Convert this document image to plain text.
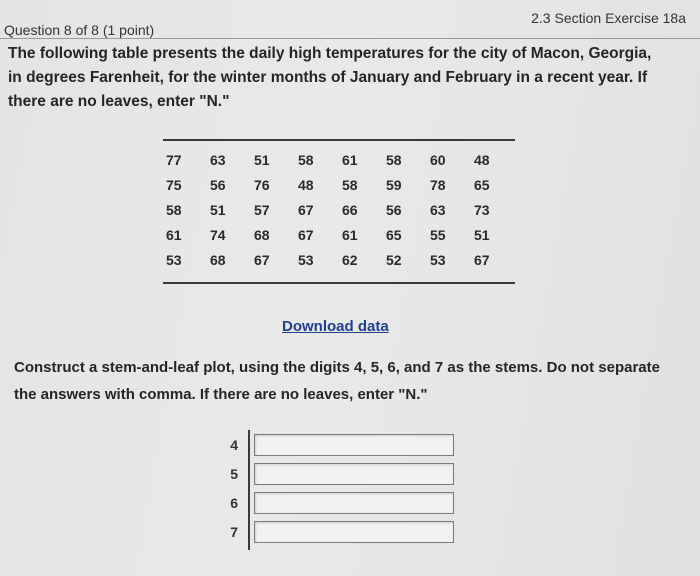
2.3 Section Exercise 18a
Question 8 of 8 (1 point)

The following table presents the daily high temperatures for the city of Macon, Georgia, in degrees Farenheit, for the winter months of January and February in a recent year. If there are no leaves, enter "N."

77	63	51	58	61	58	60	48
75	56	76	48	58	59	78	65
58	51	57	67	66	56	63	73
61	74	68	67	61	65	55	51
53	68	67	53	62	52	53	67
Download data

Construct a stem-and-leaf plot, using the digits 4, 5, 6, and 7 as the stems. Do not separate the answers with comma. If there are no leaves, enter "N."

4
5
6
7
